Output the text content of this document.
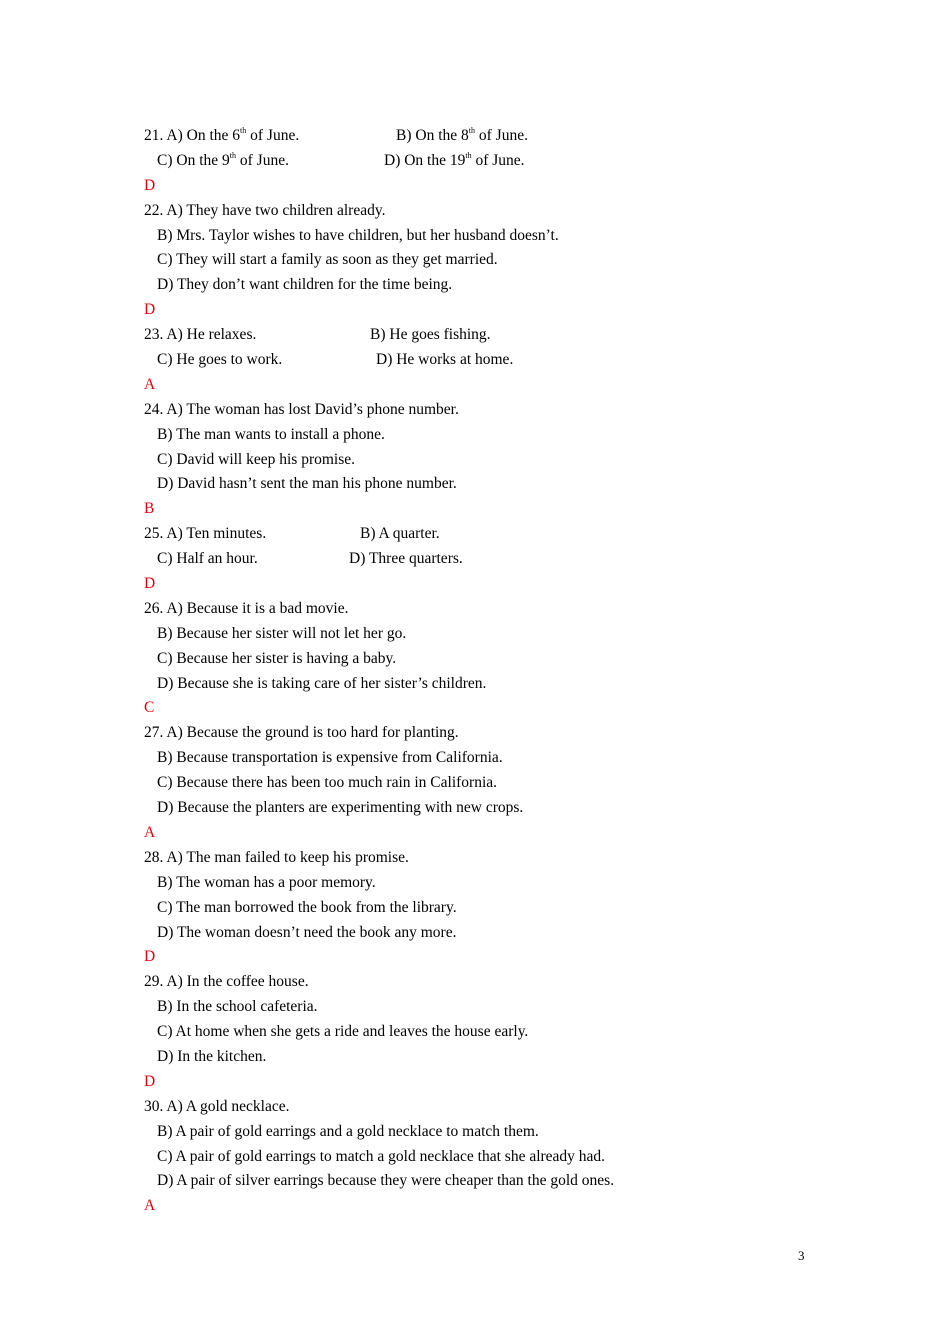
21. A) On the 6th of June.	B) On the 8th of June.
C) On the 9th of June.	D) On the 19th of June.
D
22. A) They have two children already.
B) Mrs. Taylor wishes to have children, but her husband doesn’t.
C) They will start a family as soon as they get married.
D) They don’t want children for the time being.
D
23. A) He relaxes.	B) He goes fishing.
C) He goes to work.	D) He works at home.
A
24. A) The woman has lost David’s phone number.
B) The man wants to install a phone.
C) David will keep his promise.
D) David hasn’t sent the man his phone number.
B
25. A) Ten minutes.	B) A quarter.
C) Half an hour.	D) Three quarters.
D
26. A) Because it is a bad movie.
B) Because her sister will not let her go.
C) Because her sister is having a baby.
D) Because she is taking care of her sister’s children.
C
27. A) Because the ground is too hard for planting.
B) Because transportation is expensive from California.
C) Because there has been too much rain in California.
D) Because the planters are experimenting with new crops.
A
28. A) The man failed to keep his promise.
B) The woman has a poor memory.
C) The man borrowed the book from the library.
D) The woman doesn’t need the book any more.
D
29. A) In the coffee house.
B) In the school cafeteria.
C) At home when she gets a ride and leaves the house early.
D) In the kitchen.
D
30. A) A gold necklace.
B) A pair of gold earrings and a gold necklace to match them.
C) A pair of gold earrings to match a gold necklace that she already had.
D) A pair of silver earrings because they were cheaper than the gold ones.
A
3
